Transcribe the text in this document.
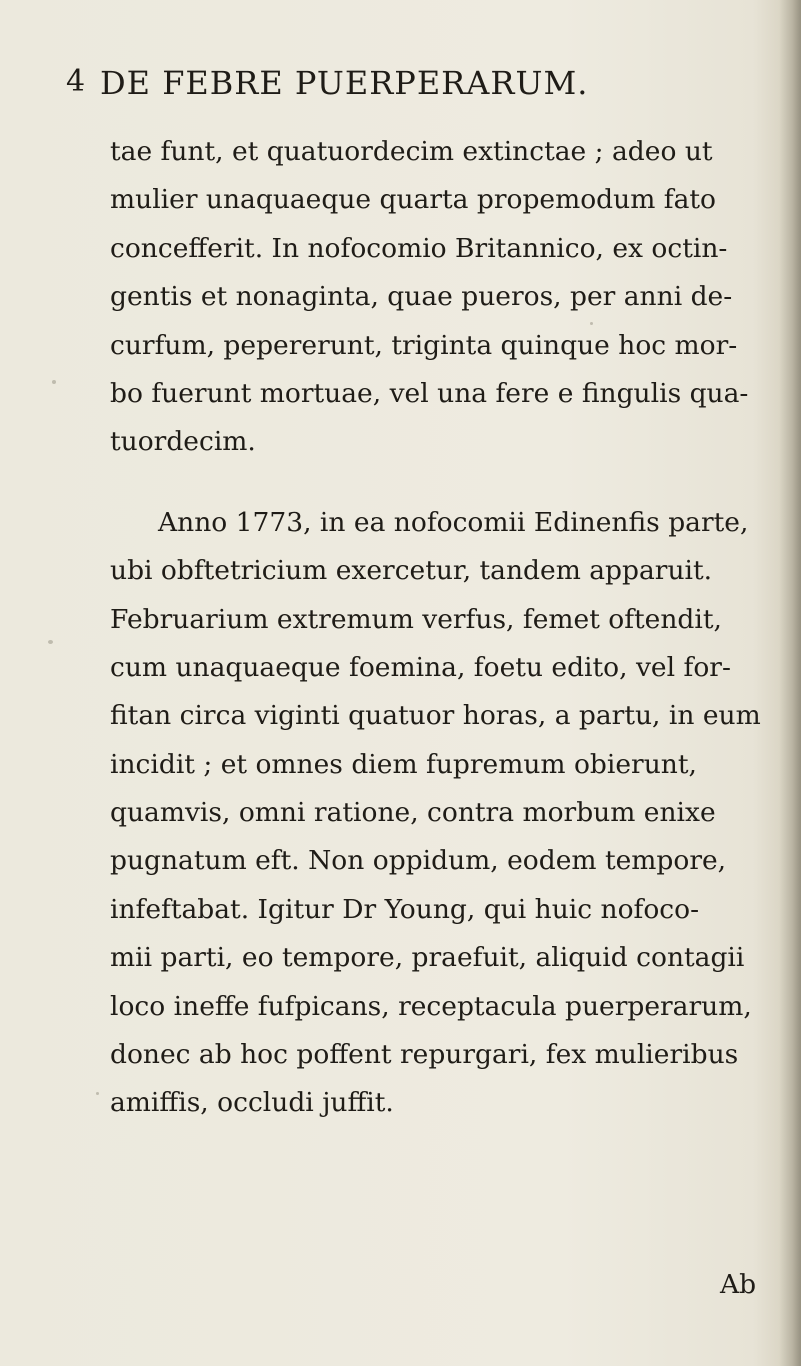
4 DE FEBRE PUERPERARUM.
tae funt, et quatuordecim extinctae ; adeo ut
mulier unaquaeque quarta propemodum fato
concefferit. In nofocomio Britannico, ex octin-
gentis et nonaginta, quae pueros, per anni de-
curfum, pepererunt, triginta quinque hoc mor-
bo fuerunt mortuae, vel una fere e fingulis qua-
tuordecim.
Anno 1773, in ea nofocomii Edinenfis parte,
ubi obftetricium exercetur, tandem apparuit.
Februarium extremum verfus, femet oftendit,
cum unaquaeque foemina, foetu edito, vel for-
fitan circa viginti quatuor horas, a partu, in eum
incidit ; et omnes diem fupremum obierunt,
quamvis, omni ratione, contra morbum enixe
pugnatum eft. Non oppidum, eodem tempore,
infeftabat. Igitur Dr Young, qui huic nofoco-
mii parti, eo tempore, praefuit, aliquid contagii
loco ineffe fufpicans, receptacula puerperarum,
donec ab hoc poffent repurgari, fex mulieribus
amiffis, occludi juffit.
Ab
